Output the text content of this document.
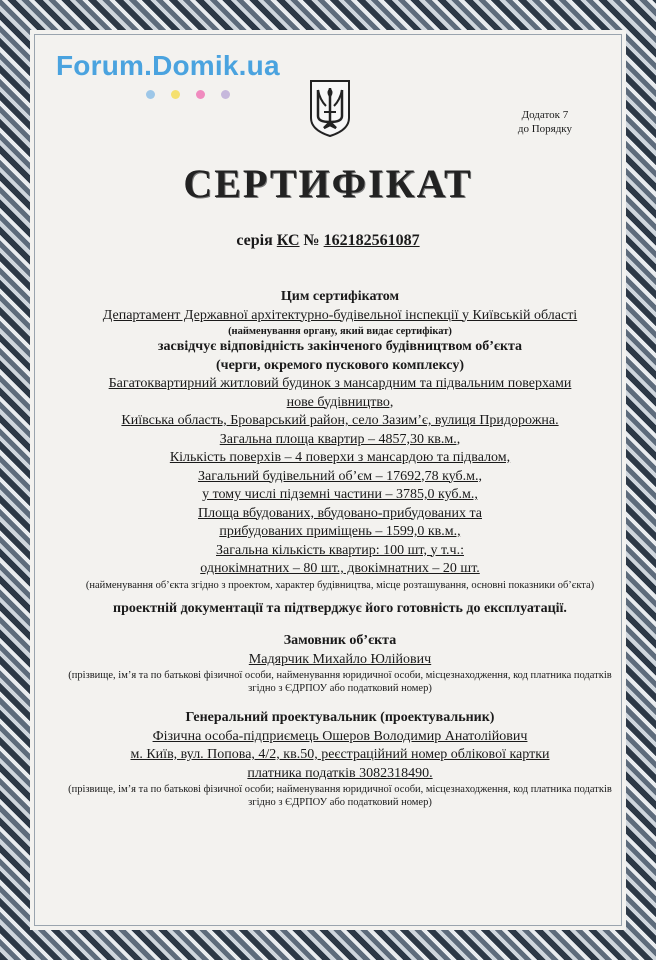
Forum.Domik.ua
Додаток 7
до Порядку
СЕРТИФІКАТ
серія КС № 162182561087
Цим сертифікатом
Департамент Державної архітектурно-будівельної інспекції у Київській області
(найменування органу, який видає сертифікат)
засвідчує відповідність закінченого будівництвом об’єкта
(черги, окремого пускового комплексу)
Багатоквартирний житловий будинок з мансардним та підвальним поверхами
нове будівництво,
Київська область, Броварський район, село Зазим’є, вулиця Придорожна.
Загальна площа квартир – 4857,30 кв.м.,
Кількість поверхів – 4 поверхи з мансардою та підвалом,
Загальний будівельний об’єм – 17692,78 куб.м.,
у тому числі підземні частини – 3785,0 куб.м.,
Площа вбудованих, вбудовано-прибудованих та
прибудованих приміщень – 1599,0 кв.м.,
Загальна кількість квартир: 100 шт, у т.ч.:
однокімнатних – 80 шт., двокімнатних – 20 шт.
(найменування об’єкта згідно з проектом, характер будівництва, місце розташування, основні показники об’єкта)
проектній документації та підтверджує його готовність до експлуатації.
Замовник об’єкта
Мадярчик Михайло Юлійович
(прізвище, ім’я та по батькові фізичної особи, найменування юридичної особи, місцезнаходження, код платника податків згідно з ЄДРПОУ або податковий номер)
Генеральний проектувальник (проектувальник)
Фізична особа-підприємець Ошеров Володимир Анатолійович
м. Київ, вул. Попова, 4/2, кв.50, реєстраційний номер облікової картки
платника податків 3082318490.
(прізвище, ім’я та по батькові фізичної особи; найменування юридичної особи, місцезнаходження, код платника податків згідно з ЄДРПОУ або податковий номер)
